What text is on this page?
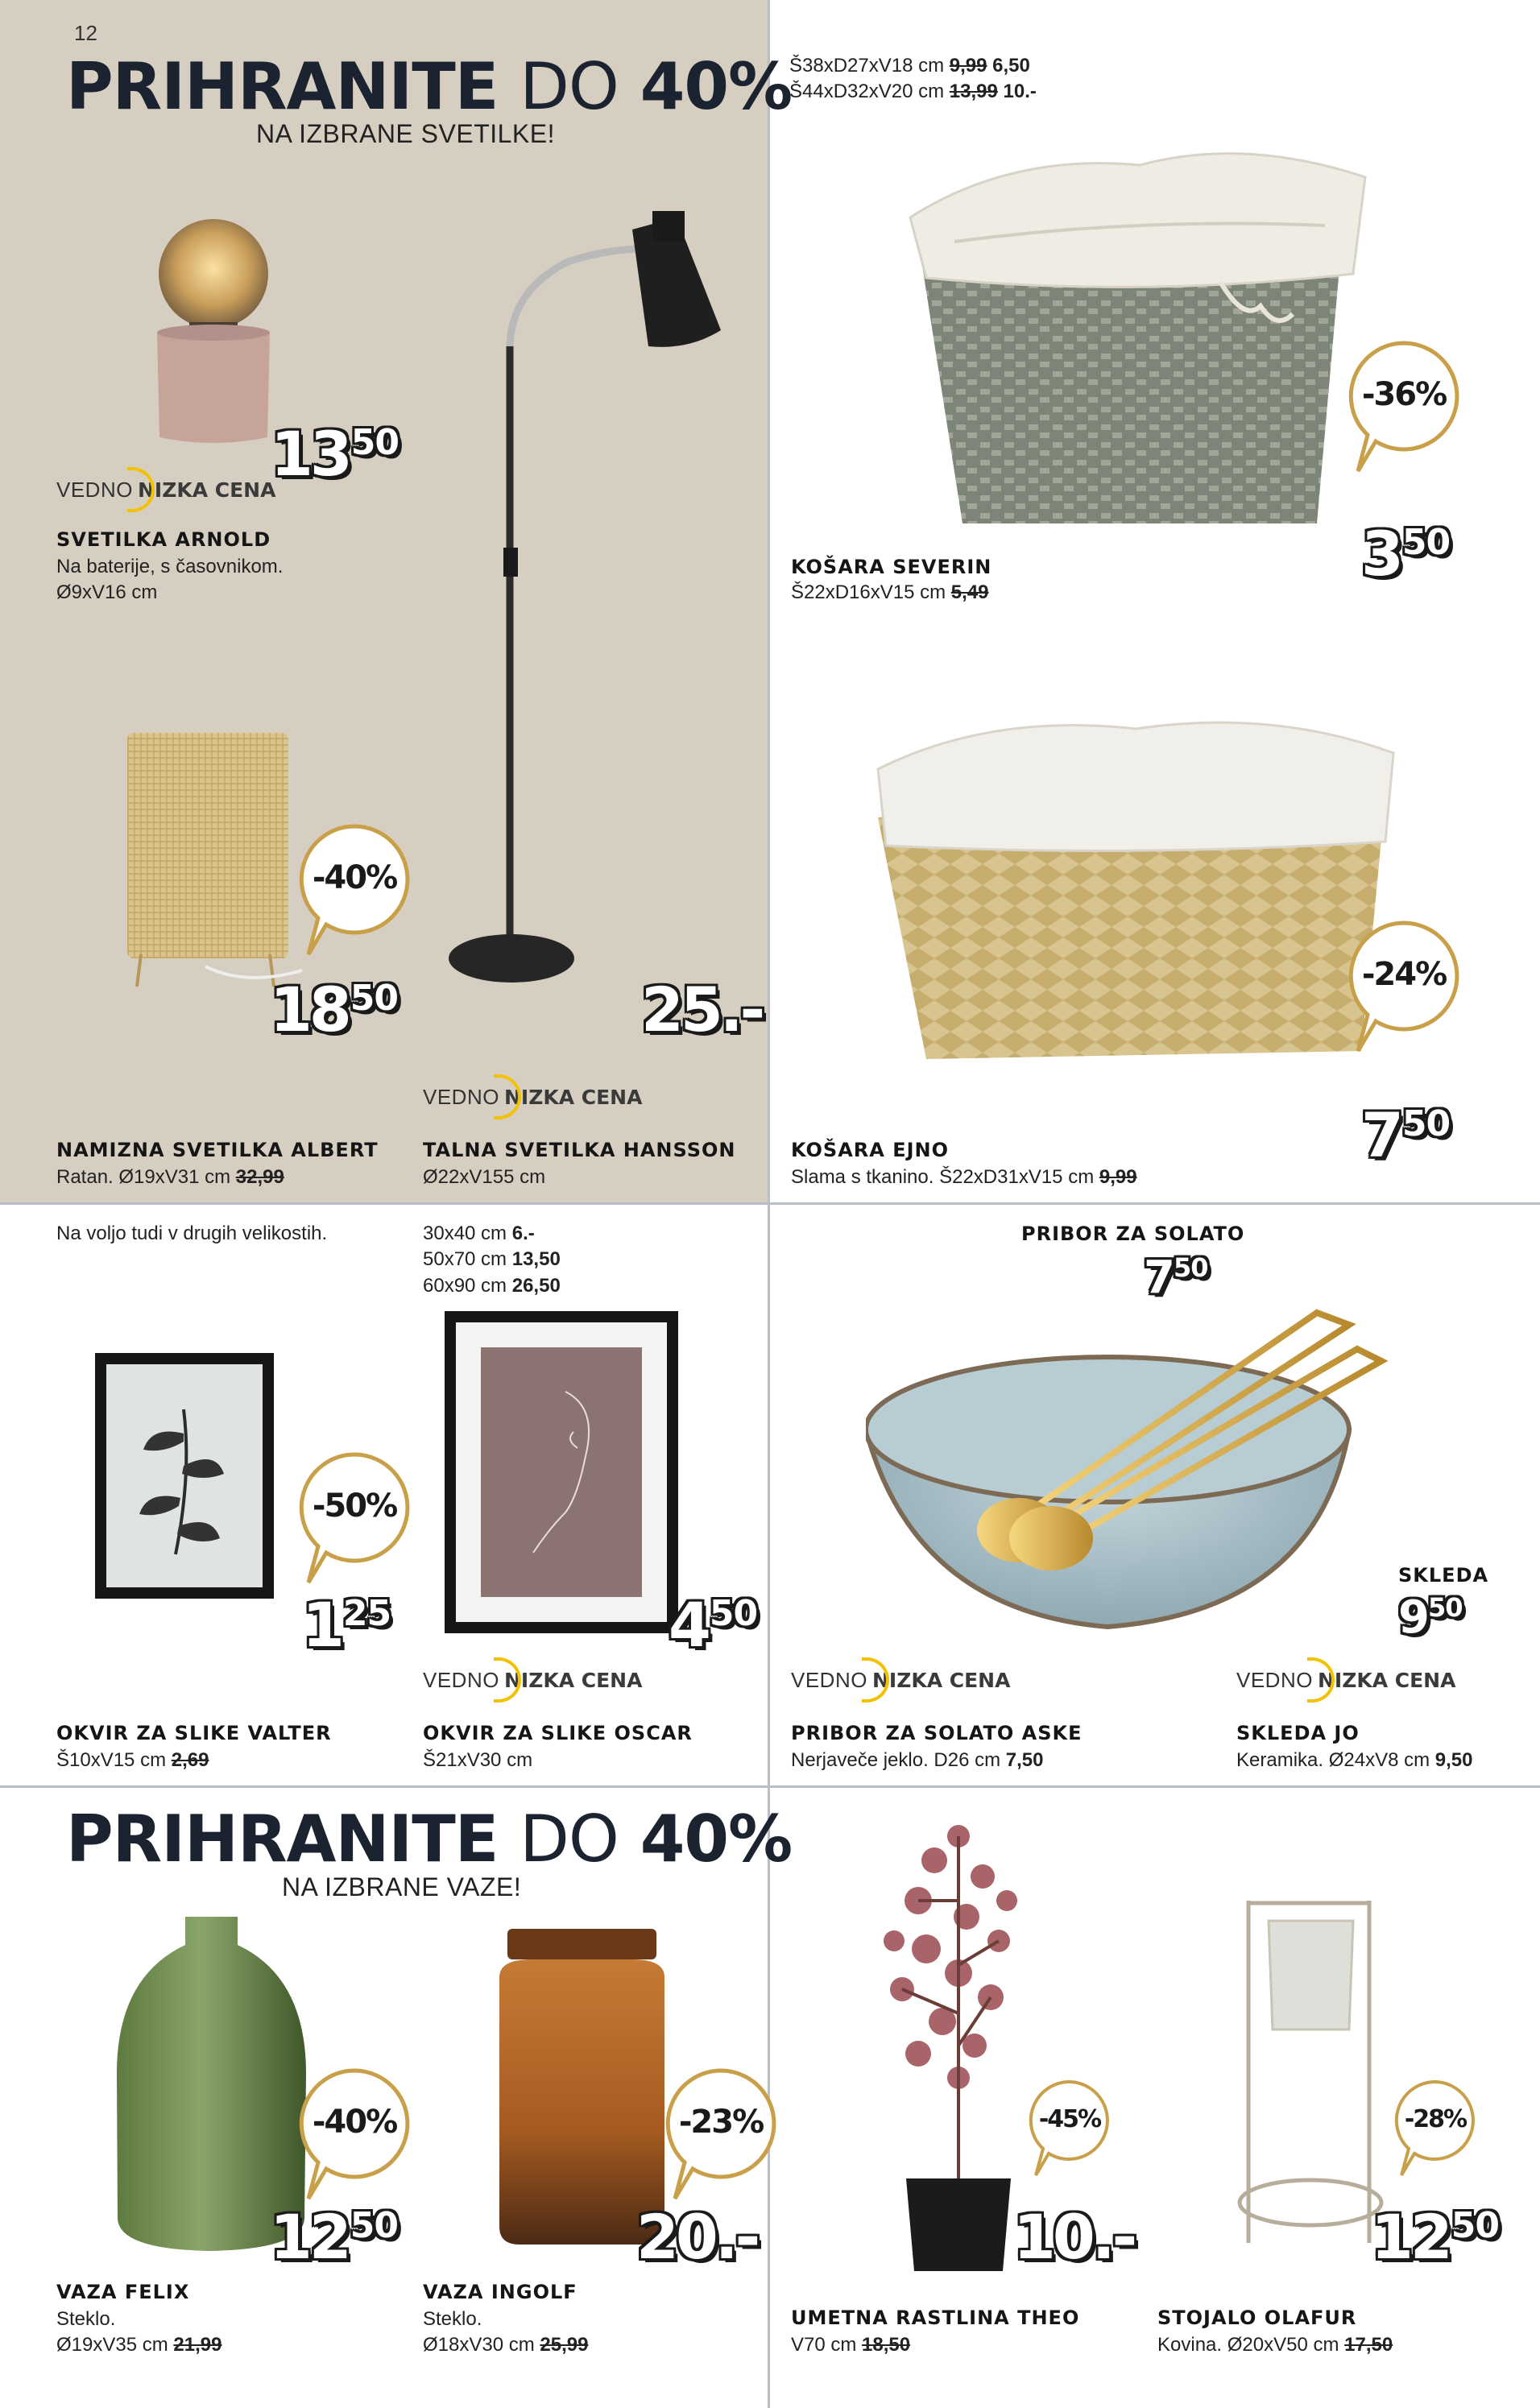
12
PRIHRANITE DO 40%
NA IZBRANE SVETILKE!
$13^{50}$
VEDNO NIZKA CENA
SVETILKA ARNOLD
Na baterije, s časovnikom.
Ø9xV16 cm
25.-
-40%
$18^{50}$
VEDNO NIZKA CENA
NAMIZNA SVETILKA ALBERT
Ratan. Ø19xV31 cm 32,99
TALNA SVETILKA HANSSON
Ø22xV155 cm
Š38xD27xV18 cm 9,99 6,50
Š44xD32xV20 cm 13,99 10.-
-36%
$3^{50}$
KOŠARA SEVERIN
Š22xD16xV15 cm 5,49
-24%
$7^{50}$
KOŠARA EJNO
Slama s tkanino. Š22xD31xV15 cm 9,99
Na voljo tudi v drugih velikostih.	30x40 cm 6.-
50x70 cm 13,50
60x90 cm 26,50
-50%
$1^{25}$	$4^{50}$
VEDNO NIZKA CENA
OKVIR ZA SLIKE VALTER
Š10xV15 cm 2,69
OKVIR ZA SLIKE OSCAR
Š21xV30 cm
PRIBOR ZA SOLATO
$7^{50}$
SKLEDA
$9^{50}$
VEDNO NIZKA CENA	VEDNO NIZKA CENA
PRIBOR ZA SOLATO ASKE
Nerjaveče jeklo. D26 cm 7,50
SKLEDA JO
Keramika. Ø24xV8 cm 9,50
PRIHRANITE DO 40%
NA IZBRANE VAZE!
-40%
$12^{50}$
-23%
20.-
VAZA FELIX
Steklo.
Ø19xV35 cm 21,99
VAZA INGOLF
Steklo.
Ø18xV30 cm 25,99
-45%
10.-
UMETNA RASTLINA THEO
V70 cm 18,50
-28%
$12^{50}$
STOJALO OLAFUR
Kovina. Ø20xV50 cm 17,50
